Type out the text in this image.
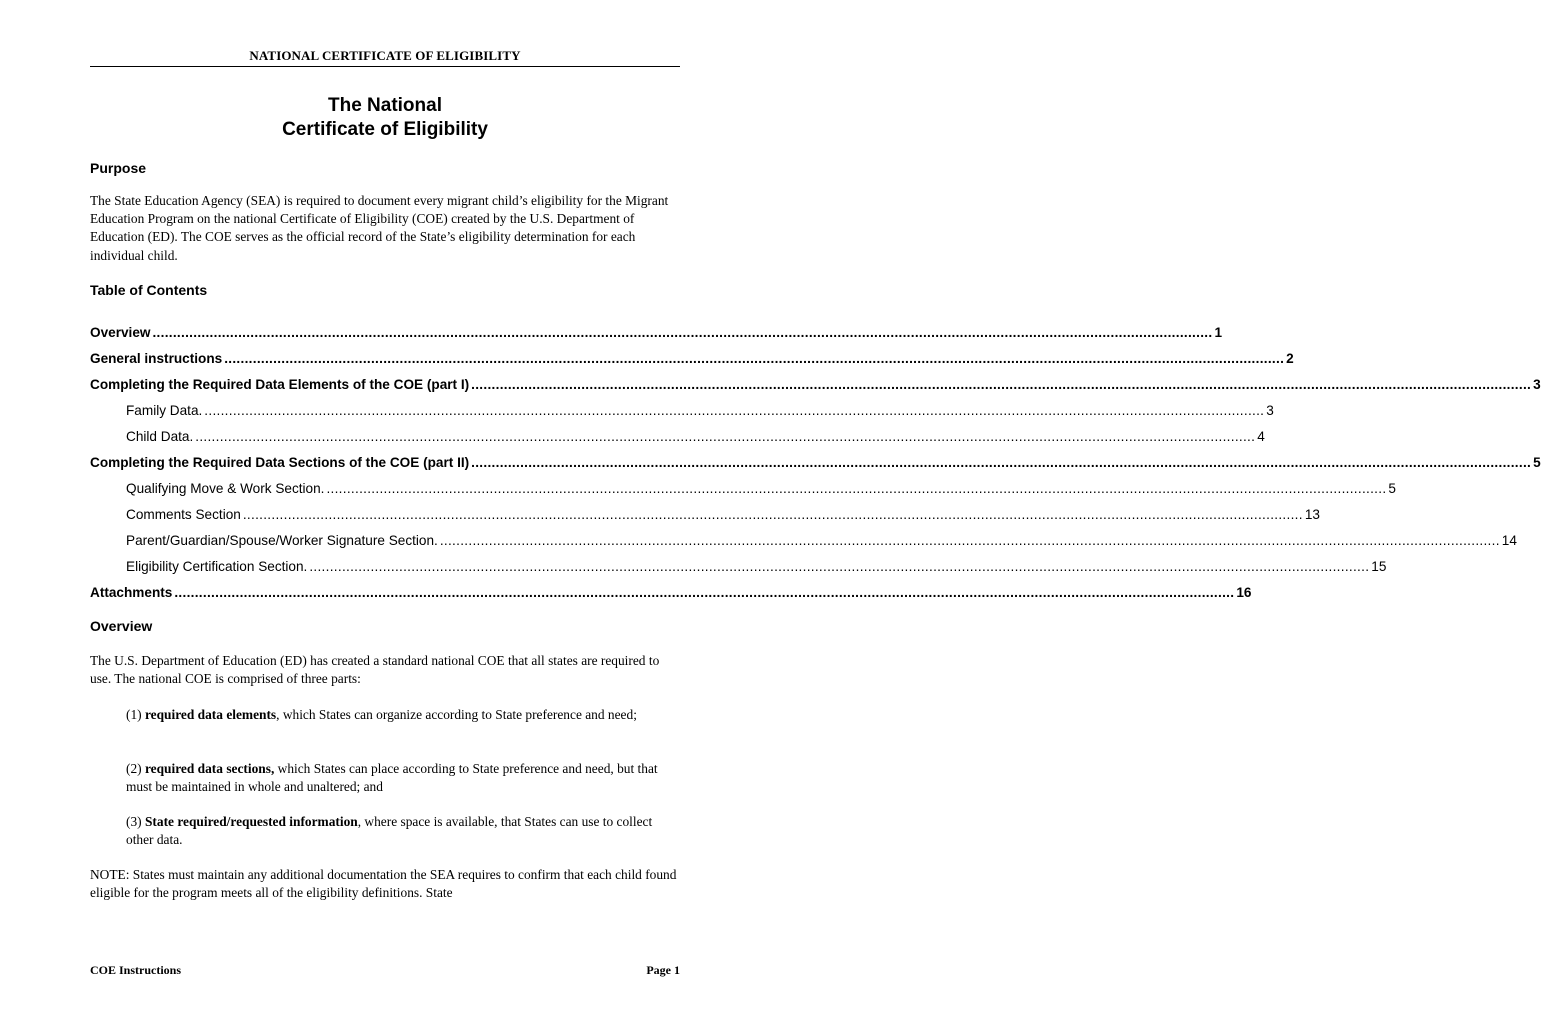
NATIONAL CERTIFICATE OF ELIGIBILITY
The National
Certificate of Eligibility
Purpose
The State Education Agency (SEA) is required to document every migrant child’s eligibility for the Migrant Education Program on the national Certificate of Eligibility (COE) created by the U.S. Department of Education (ED). The COE serves as the official record of the State’s eligibility determination for each individual child.
Table of Contents
Overview .................................................................................................................................................................................................................................................................... 1
General instructions .................................................................................................................................................................................................................................................................... 2
Completing the Required Data Elements of the COE (part I) .................................................................................................................................................................................................................................................................... 3
Family Data. .................................................................................................................................................................................................................................................................... 3
Child Data. .................................................................................................................................................................................................................................................................... 4
Completing the Required Data Sections of the COE (part II) .................................................................................................................................................................................................................................................................... 5
Qualifying Move & Work Section. .................................................................................................................................................................................................................................................................... 5
Comments Section .................................................................................................................................................................................................................................................................... 13
Parent/Guardian/Spouse/Worker Signature Section. .................................................................................................................................................................................................................................................................... 14
Eligibility Certification Section. .................................................................................................................................................................................................................................................................... 15
Attachments .................................................................................................................................................................................................................................................................... 16
Overview
The U.S. Department of Education (ED) has created a standard national COE that all states are required to use. The national COE is comprised of three parts:
(1) required data elements, which States can organize according to State preference and need;
(2) required data sections, which States can place according to State preference and need, but that must be maintained in whole and unaltered; and
(3) State required/requested information, where space is available, that States can use to collect other data.
NOTE: States must maintain any additional documentation the SEA requires to confirm that each child found eligible for the program meets all of the eligibility definitions. State
COE Instructions	Page 1
